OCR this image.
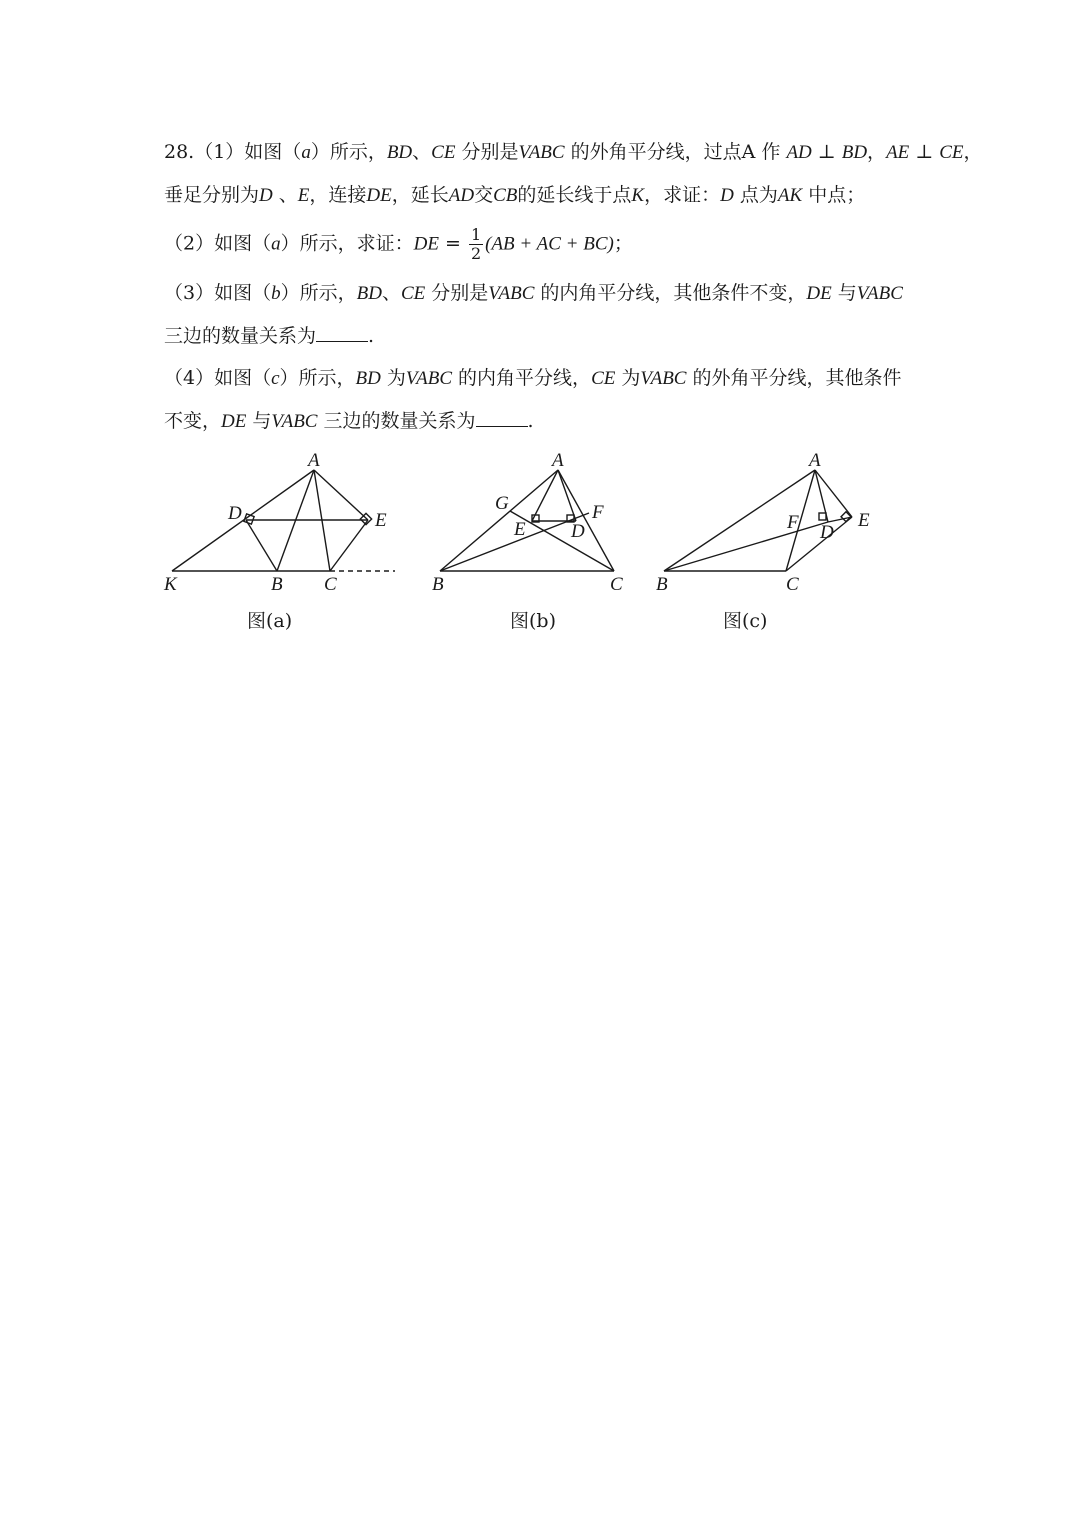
28.（1）如图（a）所示，BD、CE 分别是VABC 的外角平分线，过点A 作 AD ⊥ BD，AE ⊥ CE，
垂足分别为D 、E，连接DE，延长AD交CB的延长线于点K，求证：D 点为AK 中点；
（2）如图（a）所示，求证：DE = $\frac{1}{2} (AB$ + AC + BC)；
（3）如图（b）所示，BD、CE 分别是VABC 的内角平分线，其他条件不变，DE 与VABC
三边的数量关系为	.
（4）如图（c）所示，BD 为VABC 的内角平分线，CE 为VABC 的外角平分线，其他条件
不变，DE 与VABC 三边的数量关系为	.
A
D	E
K	B C
A
G	F
E D
B	C
A
F D
E
B	C
图(a)	图(b)	图(c)
